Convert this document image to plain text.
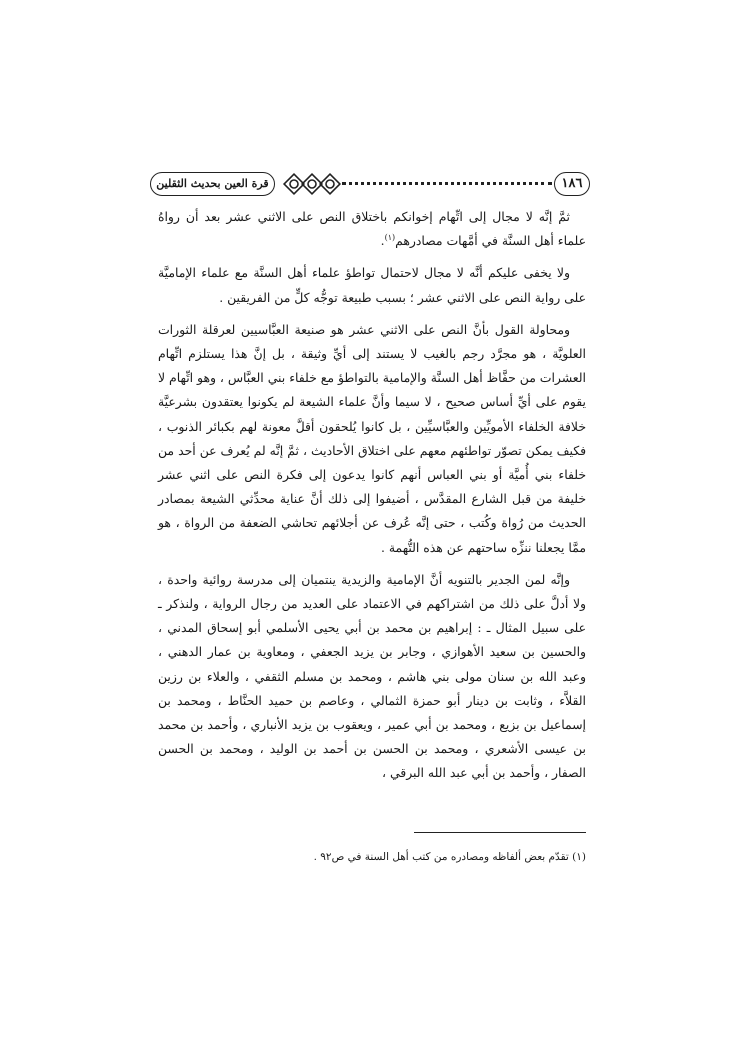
قرة العين بحديث الثقلين	١٨٦

ثمَّ إنَّه لا مجال إلى اتِّهام إخوانكم باختلاق النص على الاثني عشر بعد أن رواهُ علماء أهل السنَّة في أمَّهات مصادرهم$^{(١)}$.

ولا يخفى عليكم أنَّه لا مجال لاحتمال تواطؤ علماء أهل السنَّة مع علماء الإماميَّة على رواية النص على الاثني عشر ؛ بسبب طبيعة توجُّه كلٍّ من الفريقين .

ومحاولة القول بأنَّ النص على الاثني عشر هو صنيعة العبَّاسيين لعرقلة الثورات العلويَّة ، هو مجرَّد رجم بالغيب لا يستند إلى أيِّ وثيقة ، بل إنَّ هذا يستلزم اتِّهام العشرات من حفَّاظ أهل السنَّة والإمامية بالتواطؤ مع خلفاء بني العبَّاس ، وهو اتِّهام لا يقوم على أيِّ أساس صحيح ، لا سيما وأنَّ علماء الشيعة لم يكونوا يعتقدون بشرعيَّة خلافة الخلفاء الأمويِّين والعبَّاسيِّين ، بل كانوا يُلحقون أقلَّ معونة لهم بكبائر الذنوب ، فكيف يمكن تصوّر تواطئهم معهم على اختلاق الأحاديث ، ثمَّ إنَّه لم يُعرف عن أحد من خلفاء بني أُميَّة أو بني العباس أنهم كانوا يدعون إلى فكرة النص على اثني عشر خليفة من قبل الشارع المقدَّس ، أضيفوا إلى ذلك أنَّ عناية محدِّثي الشيعة بمصادر الحديث من رُواة وكُتب ، حتى إنَّه عُرف عن أجلائهم تحاشي الضعفة من الرواة ، هو ممَّا يجعلنا ننزِّه ساحتهم عن هذه التُّهمة .

وإنَّه لمن الجدير بالتنويه أنَّ الإمامية والزيدية ينتميان إلى مدرسة روائية واحدة ، ولا أدلَّ على ذلك من اشتراكهم في الاعتماد على العديد من رجال الرواية ، ولنذكر ـ على سبيل المثال ـ : إبراهيم بن محمد بن أبي يحيى الأسلمي أبو إسحاق المدني ، والحسين بن سعيد الأهوازي ، وجابر بن يزيد الجعفي ، ومعاوية بن عمار الدهني ، وعبد الله بن سنان مولى بني هاشم ، ومحمد بن مسلم الثقفي ، والعلاء بن رزين القلاَّء ، وثابت بن دينار أبو حمزة الثمالي ، وعاصم بن حميد الحنَّاط ، ومحمد بن إسماعيل بن بزيع ، ومحمد بن أبي عمير ، ويعقوب بن يزيد الأنباري ، وأحمد بن محمد بن عيسى الأشعري ، ومحمد بن الحسن بن أحمد بن الوليد ، ومحمد بن الحسن الصفار ، وأحمد بن أبي عبد الله البرقي ،

(١) تقدّم بعض ألفاظه ومصادره من كتب أهل السنة في ص٩٢ .
